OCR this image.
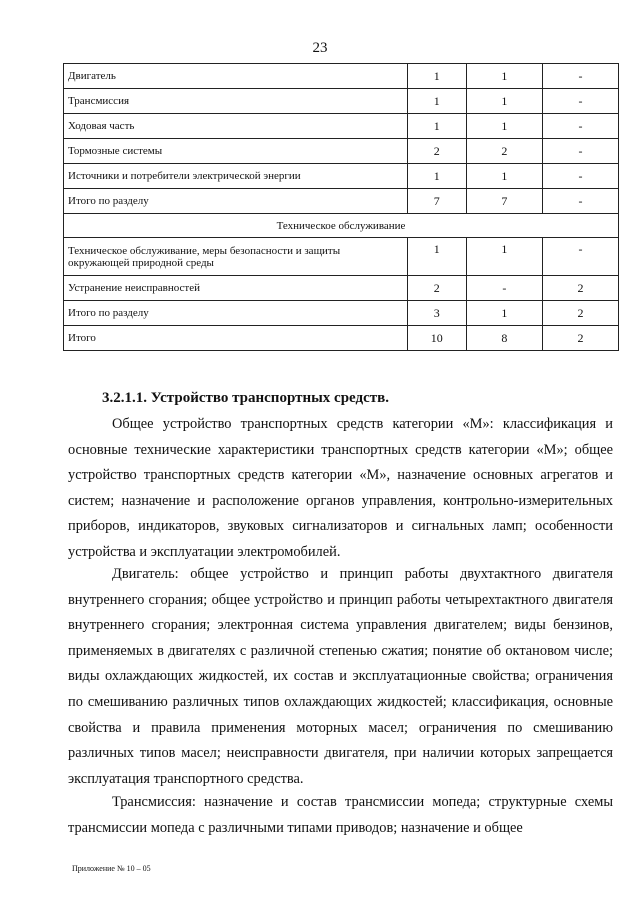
23
Двигатель	1	1	-
Трансмиссия	1	1	-
Ходовая часть	1	1	-
Тормозные системы	2	2	-
Источники и потребители электрической энергии	1	1	-
Итого по разделу	7	7	-
Техническое обслуживание			
Техническое обслуживание, меры безопасности и защиты окружающей природной среды	1	1	-
Устранение неисправностей	2	-	2
Итого по разделу	3	1	2
Итого	10	8	2
3.2.1.1. Устройство транспортных средств.

Общее устройство транспортных средств категории «М»: классификация и основные технические характеристики транспортных средств категории «М»; общее устройство транспортных средств категории «М», назначение основных агрегатов и систем; назначение и расположение органов управления, контрольно-измерительных приборов, индикаторов, звуковых сигнализаторов и сигнальных ламп; особенности устройства и эксплуатации электромобилей.

Двигатель: общее устройство и принцип работы двухтактного двигателя внутреннего сгорания; общее устройство и принцип работы четырехтактного двигателя внутреннего сгорания; электронная система управления двигателем; виды бензинов, применяемых в двигателях с различной степенью сжатия; понятие об октановом числе; виды охлаждающих жидкостей, их состав и эксплуатационные свойства; ограничения по смешиванию различных типов охлаждающих жидкостей; классификация, основные свойства и правила применения моторных масел; ограничения по смешиванию различных типов масел; неисправности двигателя, при наличии которых запрещается эксплуатация транспортного средства.

Трансмиссия: назначение и состав трансмиссии мопеда; структурные схемы трансмиссии мопеда с различными типами приводов; назначение и общее

Приложение № 10 – 05
